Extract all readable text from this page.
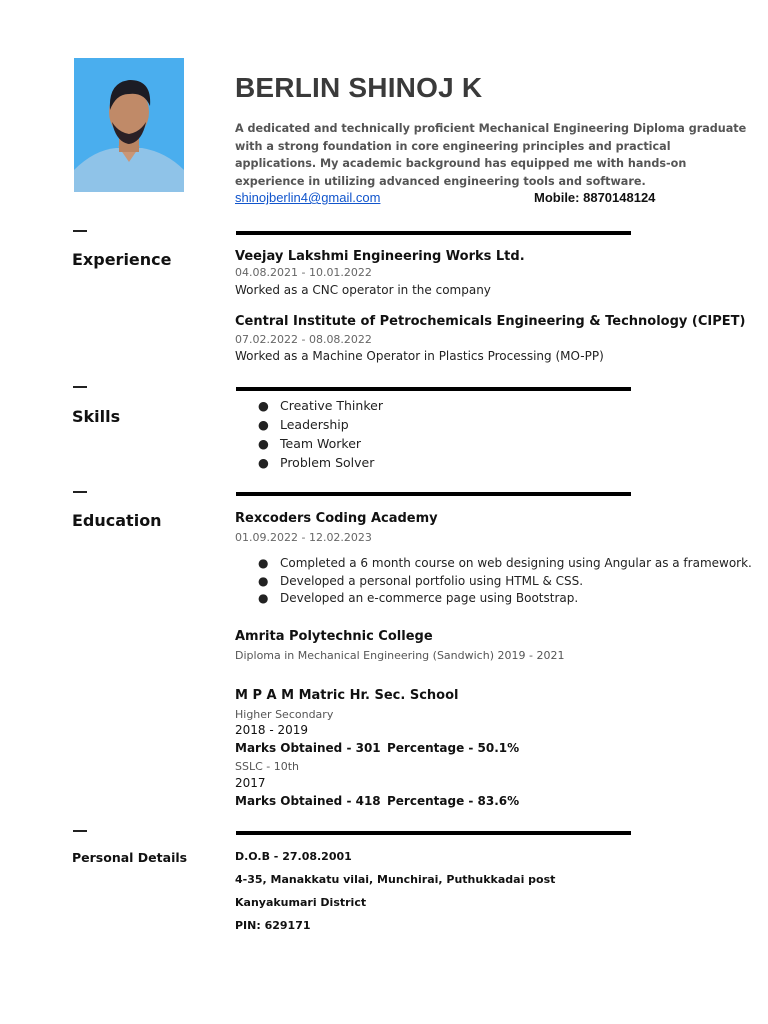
BERLIN SHINOJ K
A dedicated and technically proficient Mechanical Engineering Diploma graduate with a strong foundation in core engineering principles and practical applications. My academic background has equipped me with hands-on experience in utilizing advanced engineering tools and software.
shinojberlin4@gmail.com	Mobile: 8870148124
Experience	Veejay Lakshmi Engineering Works Ltd.
04.08.2021 - 10.01.2022
Worked as a CNC operator in the company
Central Institute of Petrochemicals Engineering & Technology (CIPET)
07.02.2022 - 08.08.2022
Worked as a Machine Operator in Plastics Processing (MO-PP)
Skills
● Creative Thinker
● Leadership
● Team Worker
● Problem Solver
Education	Rexcoders Coding Academy
01.09.2022 - 12.02.2023
● Completed a 6 month course on web designing using Angular as a framework.
● Developed a personal portfolio using HTML & CSS.
● Developed an e-commerce page using Bootstrap.
Amrita Polytechnic College
Diploma in Mechanical Engineering (Sandwich) 2019 - 2021
M P A M Matric Hr. Sec. School
Higher Secondary
2018 - 2019
Marks Obtained - 301 Percentage - 50.1%
SSLC - 10th
2017
Marks Obtained - 418 Percentage - 83.6%
Personal Details	D.O.B - 27.08.2001
4-35, Manakkatu vilai, Munchirai, Puthukkadai post
Kanyakumari District
PIN: 629171
